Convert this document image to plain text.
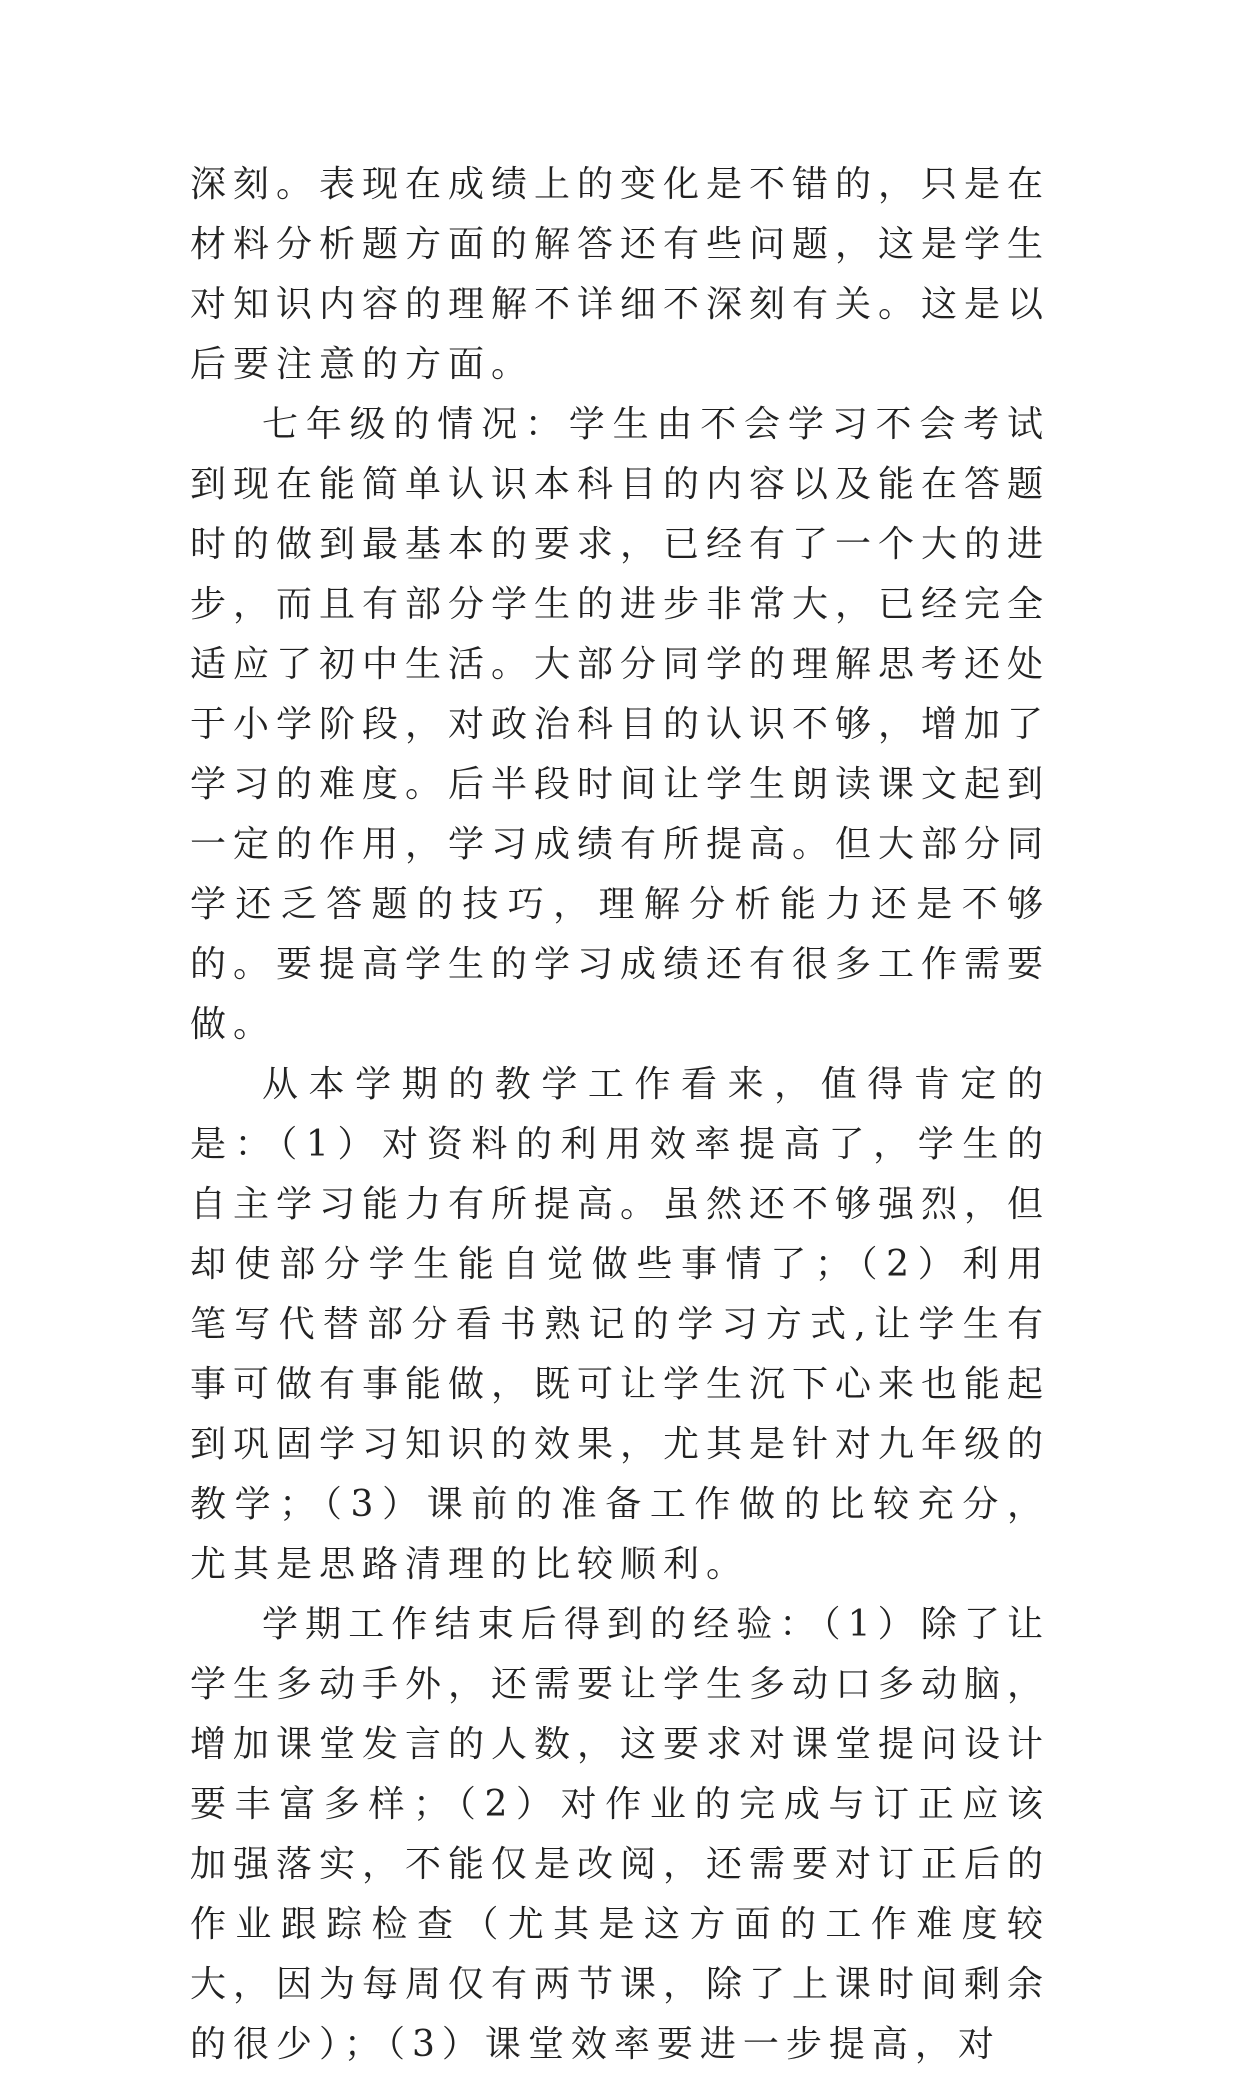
深刻。表现在成绩上的变化是不错的，只是在材料分析题方面的解答还有些问题，这是学生对知识内容的理解不详细不深刻有关。这是以后要注意的方面。

七年级的情况：学生由不会学习不会考试到现在能简单认识本科目的内容以及能在答题时的做到最基本的要求，已经有了一个大的进步，而且有部分学生的进步非常大，已经完全适应了初中生活。大部分同学的理解思考还处于小学阶段，对政治科目的认识不够，增加了学习的难度。后半段时间让学生朗读课文起到一定的作用，学习成绩有所提高。但大部分同学还乏答题的技巧，理解分析能力还是不够的。要提高学生的学习成绩还有很多工作需要做。

从本学期的教学工作看来，值得肯定的是：（1）对资料的利用效率提高了，学生的自主学习能力有所提高。虽然还不够强烈，但却使部分学生能自觉做些事情了；（2）利用笔写代替部分看书熟记的学习方式,让学生有事可做有事能做，既可让学生沉下心来也能起到巩固学习知识的效果，尤其是针对九年级的教学；（3）课前的准备工作做的比较充分，尤其是思路清理的比较顺利。

学期工作结束后得到的经验：（1）除了让学生多动手外，还需要让学生多动口多动脑，增加课堂发言的人数，这要求对课堂提问设计要丰富多样；（2）对作业的完成与订正应该加强落实，不能仅是改阅，还需要对订正后的作业跟踪检查（尤其是这方面的工作难度较大，因为每周仅有两节课，除了上课时间剩余的很少）；（3）课堂效率要进一步提高，对
